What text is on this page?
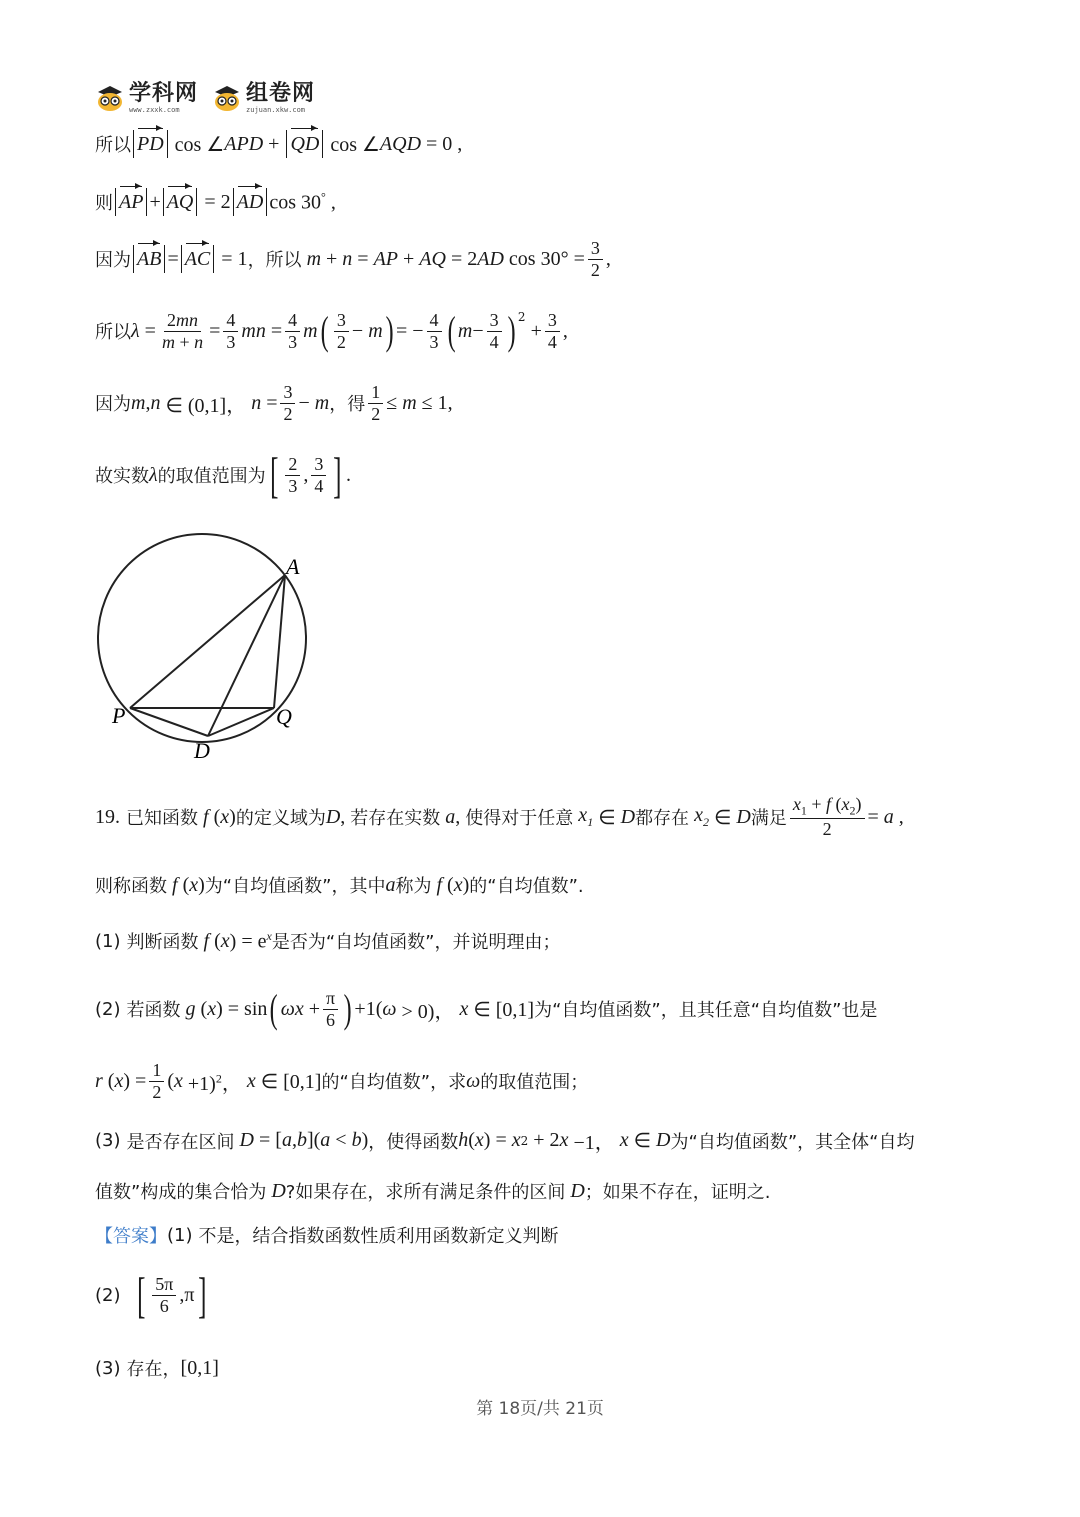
学科网
www.zxxk.com
组卷网
zujuan.xkw.com
所以 PD cos ∠ APD + QD cos ∠ AQD = 0 ,
则 AP + AQ = 2 AD cos 30° ,
因为 AB = AC = 1 ，所以 m + n = AP + AQ = 2 AD $\cos 30^\circ = \frac{3}{2}$ ,
所以 $\lambda = \frac{2mn}{m + n} = \frac{4}{3}$ mn = $\frac{4}{3}$ m ( $\frac{3}{2} - m$ ) = − $\frac{4}{3}$ ( $m - \frac{3}{4} )^2$
+ $\frac{3}{4}$ ,
因为 m , n ∈ (0,1]， $n = \frac{3}{2} - m$ ，得 $\frac{1}{2} \le m \le 1$,
故实数 λ 的取值范围为 [ $\frac{2}{3}$ , $\frac{3}{4}$ ] .
A
P	Q
D
19.
已知函数 f ( x ) 的定义域为 D , 若存在实数 a , 使得对于任意 $x_1$ ∈ D 都存在 $x_2$ ∈ D 满足 $\frac{x_1 + f (x_2)}{2} = a$ ,
则称函数 f ( x ) 为“自均值函数”，其中 a 称为 f ( x ) 的“自均值数”.
(1)
判断函数 f ( x ) = $e^x$ 是否为“自均值函数”，并说明理由；
(2)
若函数 g ( x ) = sin ( $\omega x + \frac{\pi}{6}$ ) +1( ω > 0)， x ∈ [0,1] 为“自均值函数”，且其任意“自均值数”也是
r ( x ) = $\frac{1}{2}$ ( x +1)$^2$， x ∈ [0,1] 的“自均值数”，求 ω 的取值范围；
(3)
是否存在区间 D = [ a , b ]( a < b ) ，使得函数 h ( x ) = x 2 + 2 x −1， x ∈ D 为“自均值函数”，其全体“自均
值数”构成的集合恰为 D ?如果存在，求所有满足条件的区间 D ；如果不存在，证明之.
【答案】 (1)
不是，结合指数函数性质利用函数新定义判断
(2)
[ $\frac{5\pi}{6} ,\pi$ ]
(3)
存在， [0,1]
第 18页/共 21页
